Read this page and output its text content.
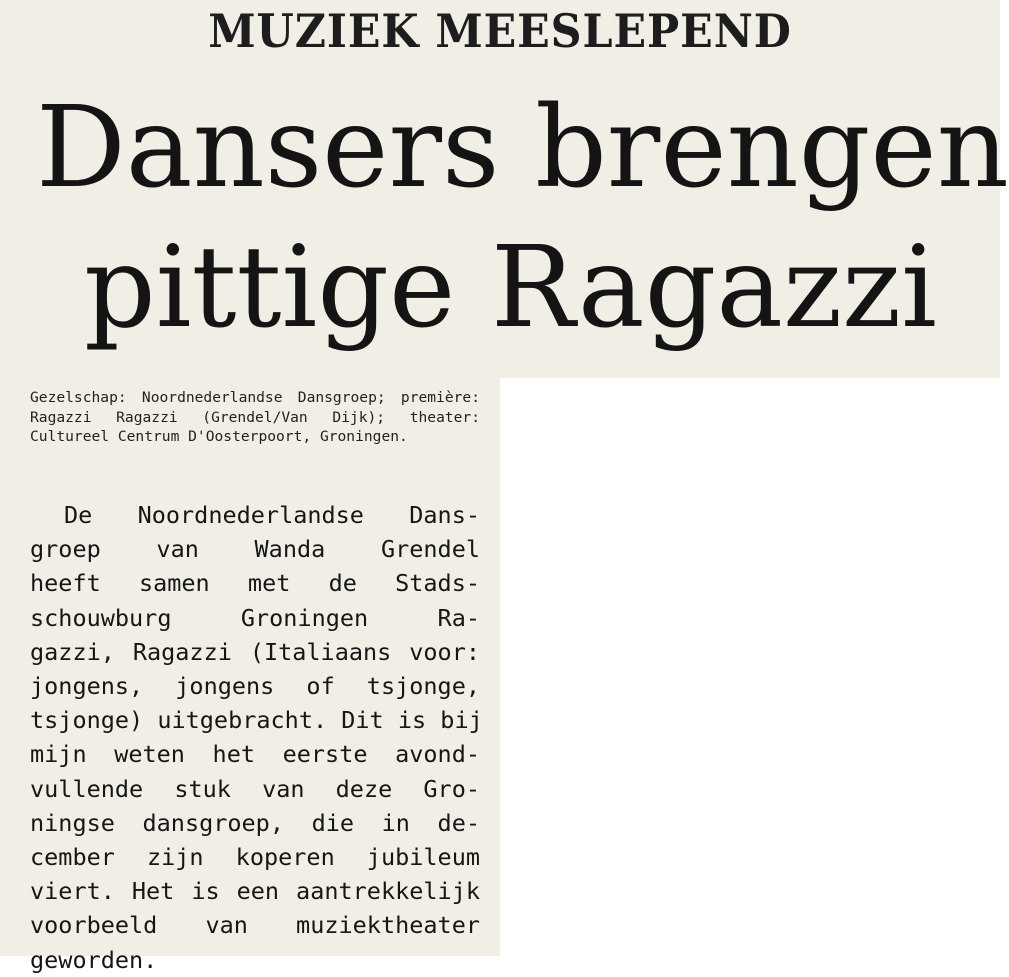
MUZIEK MEESLEPEND
Dansers brengen
pittige Ragazzi

Gezelschap: Noordnederlandse Dansgroep; première: Ragazzi Ragazzi (Grendel/Van Dijk); theater: Cultureel Centrum D'Oosterpoort, Groningen.

De Noordnederlandse Dans-
groep van Wanda Grendel
heeft samen met de Stads-
schouwburg Groningen Ra-
gazzi, Ragazzi (Italiaans voor:
jongens, jongens of tsjonge,
tsjonge) uitgebracht. Dit is bij
mijn weten het eerste avond-
vullende stuk van deze Gro-
ningse dansgroep, die in de-
cember zijn koperen jubileum
viert. Het is een aantrekkelijk
voorbeeld van muziektheater
geworden.
